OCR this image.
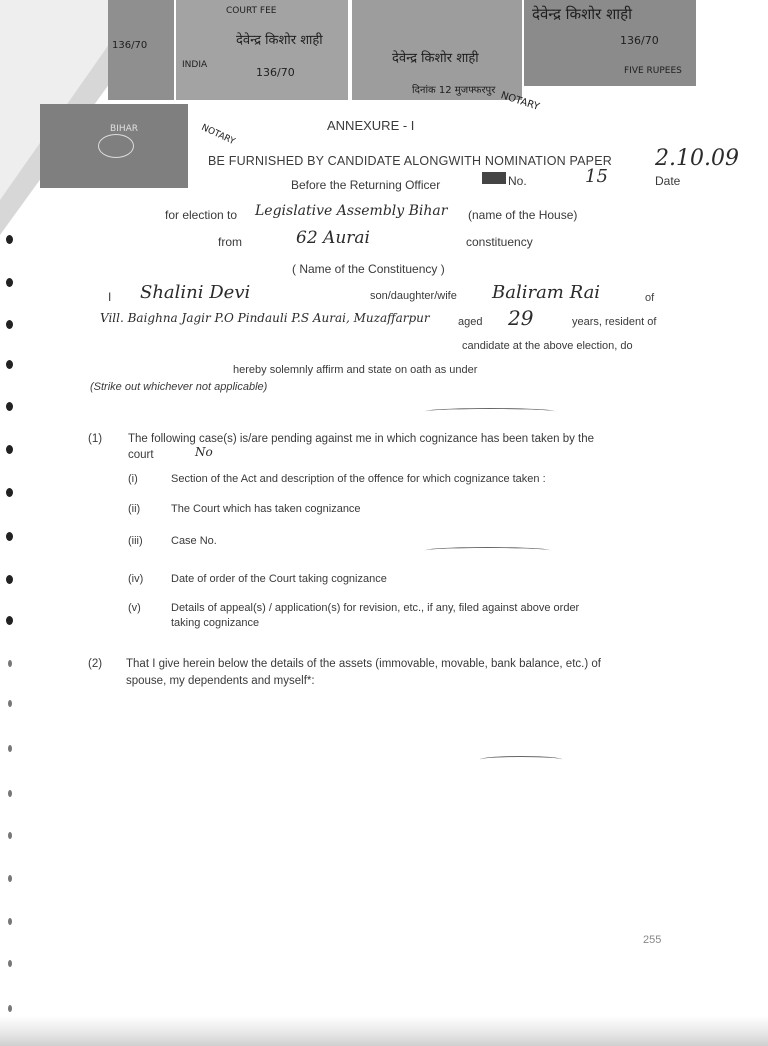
136/70
COURT FEE
देवेन्द्र किशोर शाही
136/70
INDIA	देवेन्द्र किशोर शाही
दिनांक 12 मुजफ्फरपुर
देवेन्द्र किशोर शाही
136/70
FIVE RUPEES
BIHAR
NOTARY
NOTARY	ANNEXURE - I
BE FURNISHED BY CANDIDATE ALONGWITH NOMINATION PAPER 2.10.09
Before the Returning Officer	No.	15	Date
for election to Legislative Assembly Bihar (name of the House)
from	62 Aurai	constituency
( Name of the Constituency )
I Shalini Devi	son/daughter/wife Baliram Rai	of
Vill. Baighna Jagir P.O Pindauli P.S Aurai, Muzaffarpur	aged 29	years, resident of
candidate at the above election, do
hereby solemnly affirm and state on oath as under
(Strike out whichever not applicable)
(1) The following case(s) is/are pending against me in which cognizance has been taken by the
court	No
(i)	Section of the Act and description of the offence for which cognizance taken :
(ii)	The Court which has taken cognizance
(iii)	Case No.
(iv)	Date of order of the Court taking cognizance
(v)	Details of appeal(s) / application(s) for revision, etc., if any, filed against above order
taking cognizance
(2) That I give herein below the details of the assets (immovable, movable, bank balance, etc.) of
spouse, my dependents and myself*:
255
